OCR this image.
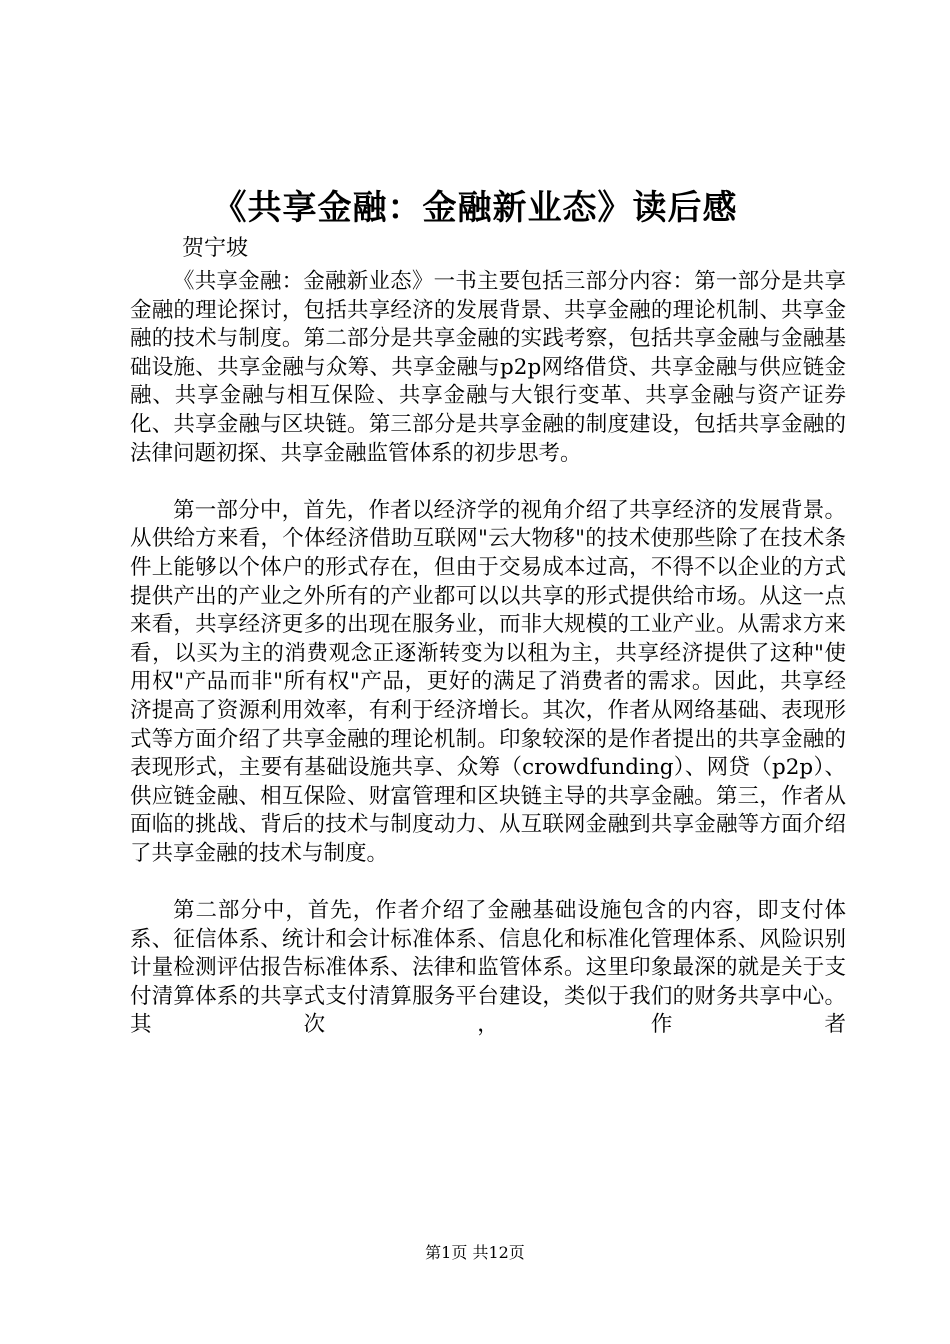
《共享金融：金融新业态》读后感
贺宁坡

《共享金融：金融新业态》一书主要包括三部分内容：第一部分是共享金融的理论探讨，包括共享经济的发展背景、共享金融的理论机制、共享金融的技术与制度。第二部分是共享金融的实践考察，包括共享金融与金融基础设施、共享金融与众筹、共享金融与p2p网络借贷、共享金融与供应链金融、共享金融与相互保险、共享金融与大银行变革、共享金融与资产证券化、共享金融与区块链。第三部分是共享金融的制度建设，包括共享金融的法律问题初探、共享金融监管体系的初步思考。

第一部分中，首先，作者以经济学的视角介绍了共享经济的发展背景。从供给方来看，个体经济借助互联网"云大物移"的技术使那些除了在技术条件上能够以个体户的形式存在，但由于交易成本过高，不得不以企业的方式提供产出的产业之外所有的产业都可以以共享的形式提供给市场。从这一点来看，共享经济更多的出现在服务业，而非大规模的工业产业。从需求方来看，以买为主的消费观念正逐渐转变为以租为主，共享经济提供了这种"使用权"产品而非"所有权"产品，更好的满足了消费者的需求。因此，共享经济提高了资源利用效率，有利于经济增长。其次，作者从网络基础、表现形式等方面介绍了共享金融的理论机制。印象较深的是作者提出的共享金融的表现形式，主要有基础设施共享、众筹（crowdfunding）、网贷（p2p）、供应链金融、相互保险、财富管理和区块链主导的共享金融。第三，作者从面临的挑战、背后的技术与制度动力、从互联网金融到共享金融等方面介绍了共享金融的技术与制度。

第二部分中，首先，作者介绍了金融基础设施包含的内容，即支付体系、征信体系、统计和会计标准体系、信息化和标准化管理体系、风险识别计量检测评估报告标准体系、法律和监管体系。这里印象最深的就是关于支付清算体系的共享式支付清算服务平台建设，类似于我们的财务共享中心。其次，作者

第1页 共12页
